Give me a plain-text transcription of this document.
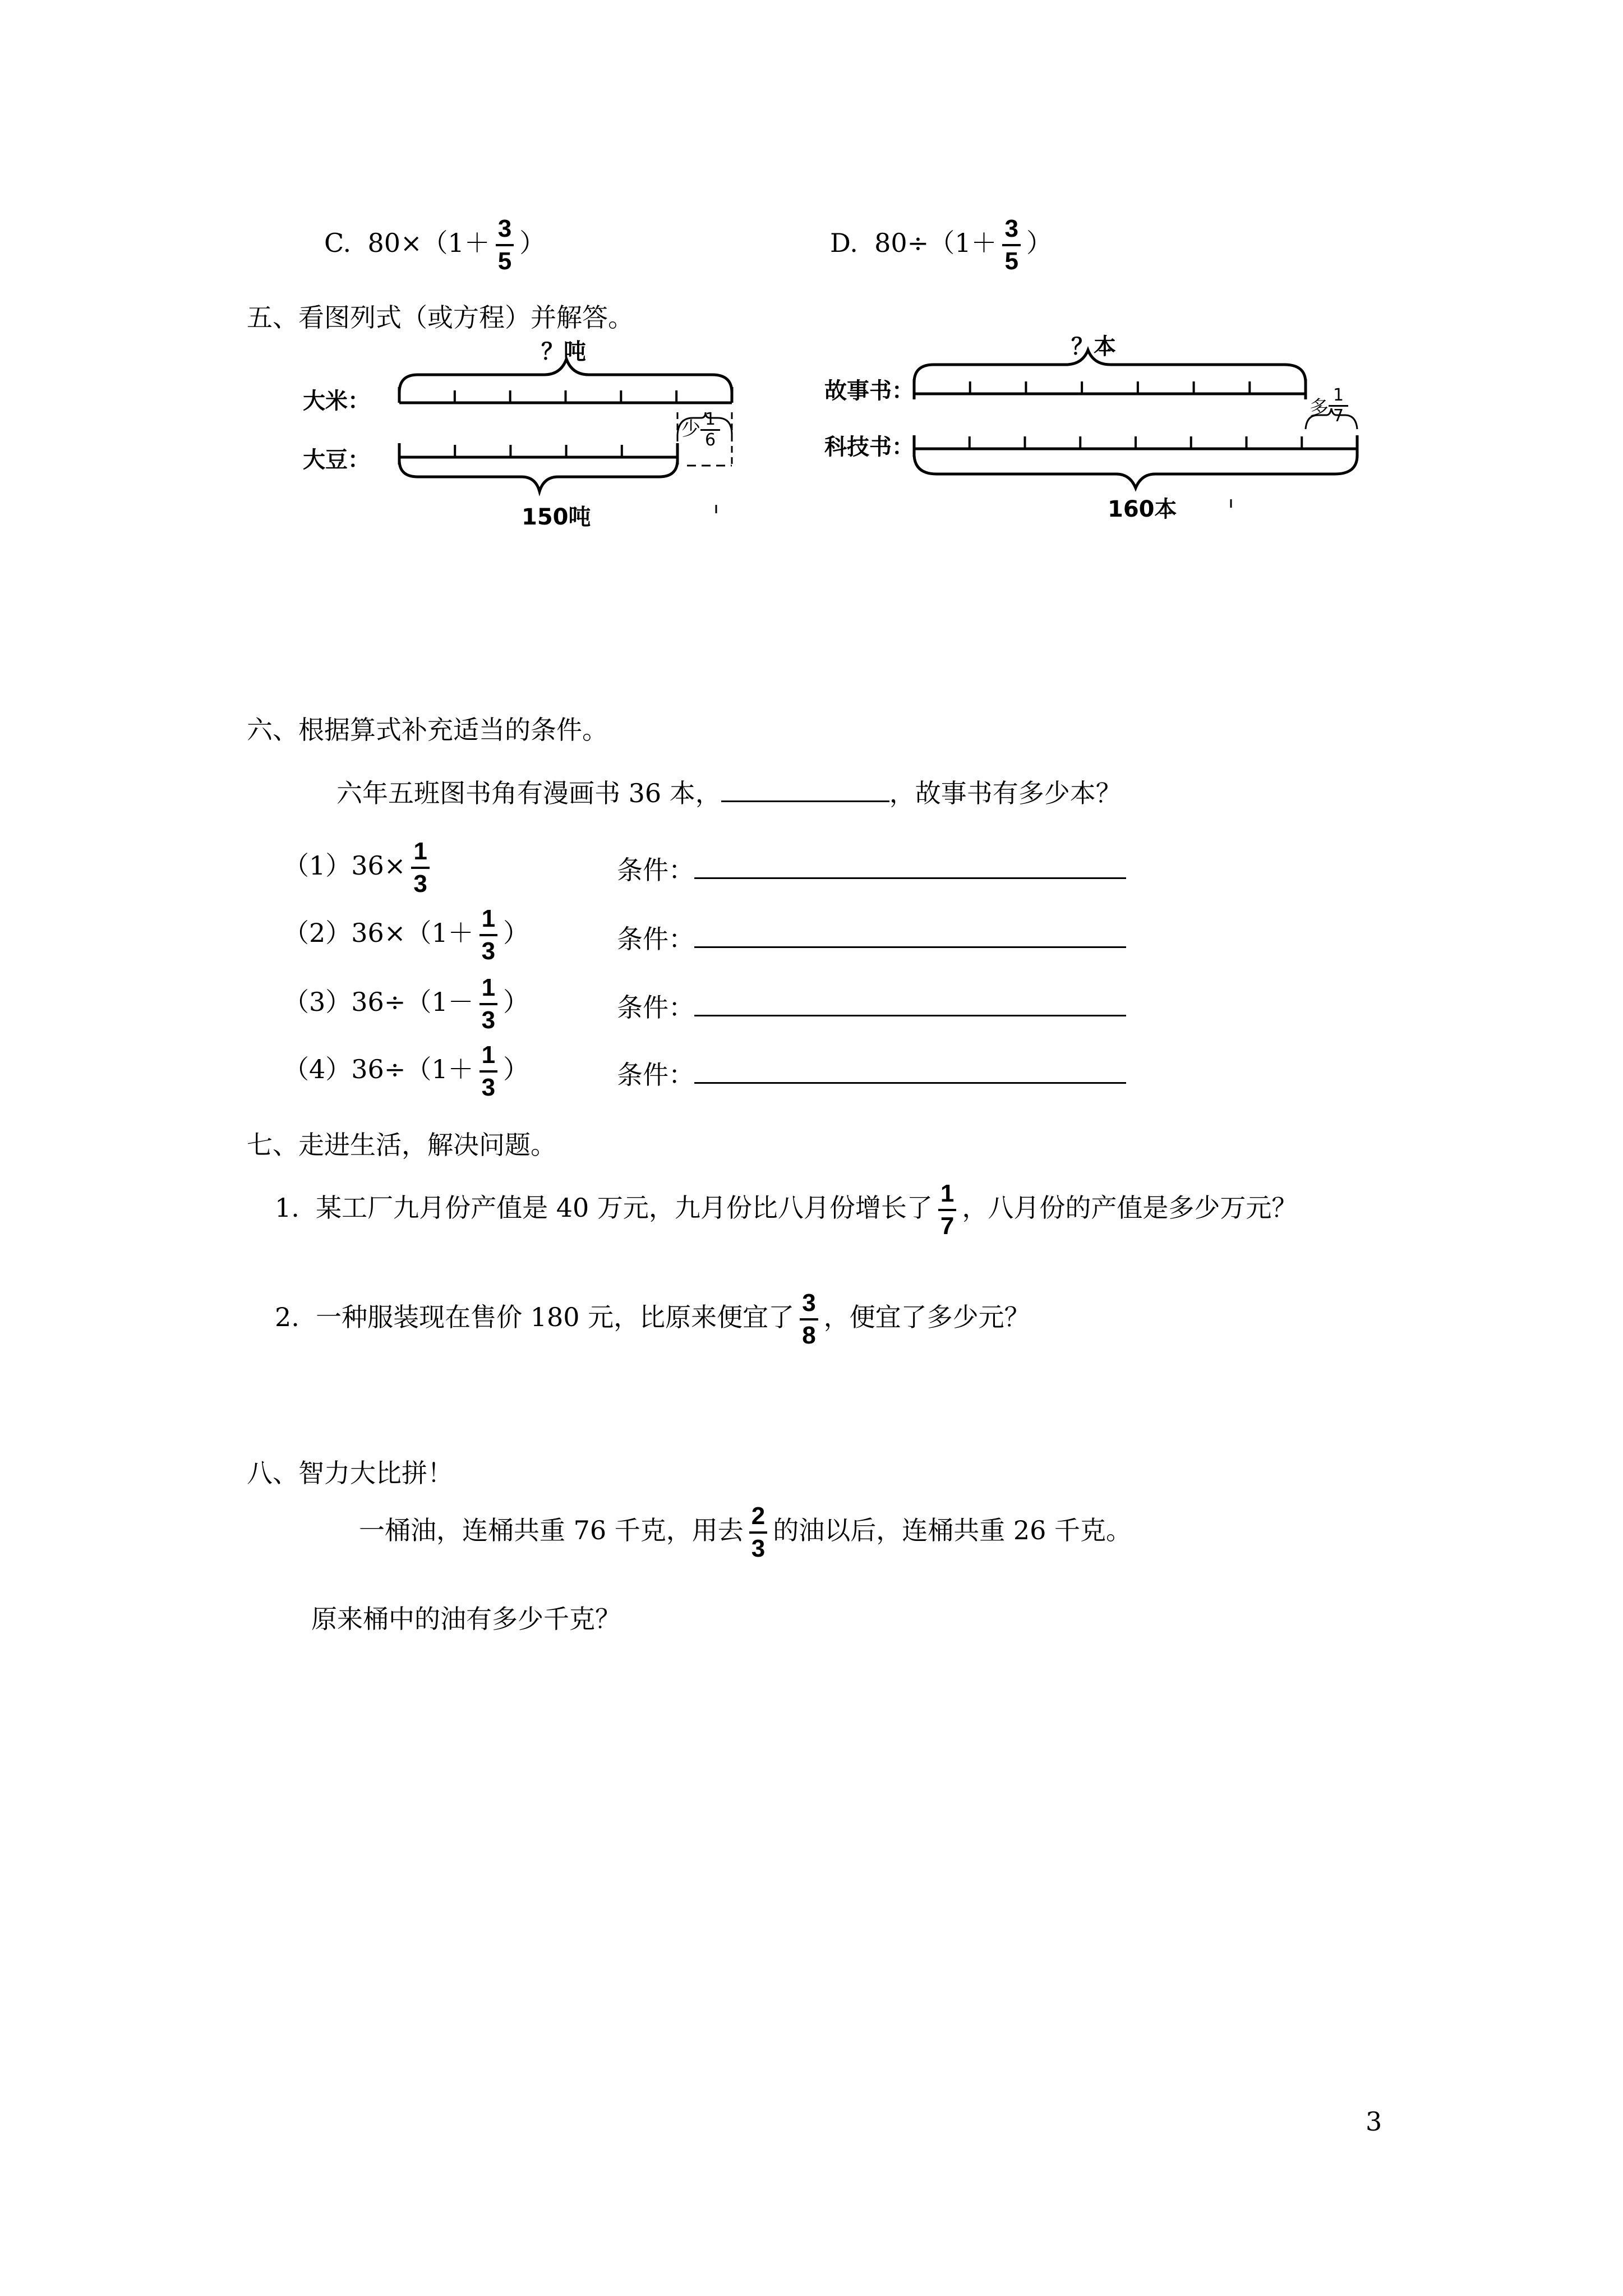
C. $80\times(1+ \frac{3}{5}$ ）	D. $80\div(1+ \frac{3}{5}$ ）
五、看图列式（或方程）并解答。
？吨
大米：
大豆：
少 $\frac{1}{6}$
150吨
？本
故事书：
科技书：
多 $\frac{1}{7}$
160本
六、根据算式补充适当的条件。
六年五班图书角有漫画书 36 本，	，故事书有多少本？
$(1)36\times \frac{1}{3}$	条件：
$(2)36\times(1+ \frac{1}{3}$ ）	条件：
$(3)36\div(1- \frac{1}{3}$ ）	条件：
$(4)36\div(1+ \frac{1}{3}$ ）	条件：
七、走进生活，解决问题。
1. 某工厂九月份产值是 40 万元，九月份比八月份增长了 $\frac{1}{7}$ ，八月份的产值是多少万元？
2. 一种服装现在售价 180 元，比原来便宜了 $\frac{3}{8}$ ，便宜了多少元？
八、智力大比拼！
一桶油，连桶共重 76 千克，用去 $\frac{2}{3}$ 的油以后，连桶共重 26 千克。
原来桶中的油有多少千克？
3
